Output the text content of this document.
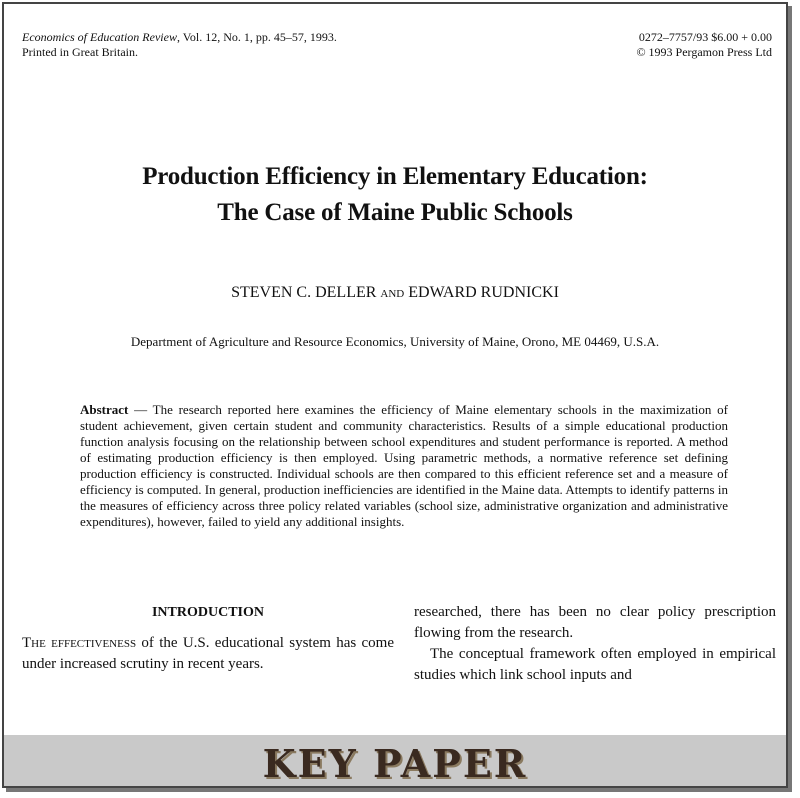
Economics of Education Review, Vol. 12, No. 1, pp. 45–57, 1993.
Printed in Great Britain.
0272–7757/93 $6.00 + 0.00
© 1993 Pergamon Press Ltd
Production Efficiency in Elementary Education:
The Case of Maine Public Schools
STEVEN C. DELLER and EDWARD RUDNICKI
Department of Agriculture and Resource Economics, University of Maine, Orono, ME 04469, U.S.A.
Abstract — The research reported here examines the efficiency of Maine elementary schools in the maximization of student achievement, given certain student and community characteristics. Results of a simple educational production function analysis focusing on the relationship between school expenditures and student performance is reported. A method of estimating production efficiency is then employed. Using parametric methods, a normative reference set defining production efficiency is constructed. Individual schools are then compared to this efficient reference set and a measure of efficiency is computed. In general, production inefficiencies are identified in the Maine data. Attempts to identify patterns in the measures of efficiency across three policy related variables (school size, administrative organization and administrative expenditures), however, failed to yield any additional insights.
INTRODUCTION
The effectiveness of the U.S. educational system has come under increased scrutiny in recent years.
researched, there has been no clear policy prescription flowing from the research.
The conceptual framework often employed in empirical studies which link school inputs and
KEY PAPER
